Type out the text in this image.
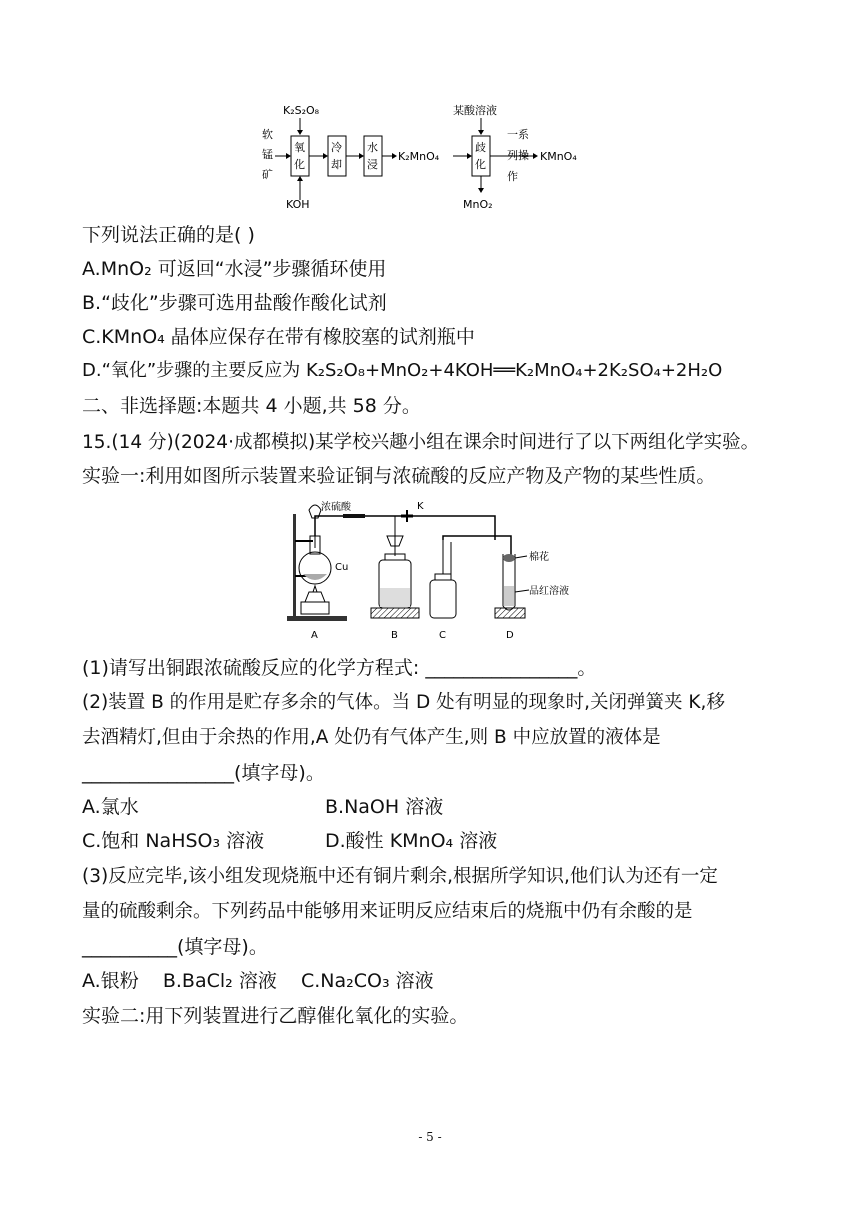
K₂S₂O₈
软锰矿
氧化
KOH
冷却
水浸
K₂MnO₄
某酸溶液
歧化
MnO₂
一系列操作
KMnO₄
下列说法正确的是( )
A.MnO₂ 可返回“水浸”步骤循环使用
B.“歧化”步骤可选用盐酸作酸化试剂
C.KMnO₄ 晶体应保存在带有橡胶塞的试剂瓶中
D.“氧化”步骤的主要反应为 K₂S₂O₈+MnO₂+4KOH══K₂MnO₄+2K₂SO₄+2H₂O
二、非选择题:本题共 4 小题,共 58 分。
15.(14 分)(2024·成都模拟)某学校兴趣小组在课余时间进行了以下两组化学实验。
实验一:利用如图所示装置来验证铜与浓硫酸的反应产物及产物的某些性质。
Cu
浓硫酸	K
棉花
品红溶液
A	B	C	D
(1)请写出铜跟浓硫酸反应的化学方程式: ________________。
(2)装置 B 的作用是贮存多余的气体。当 D 处有明显的现象时,关闭弹簧夹 K,移
去酒精灯,但由于余热的作用,A 处仍有气体产生,则 B 中应放置的液体是
________________(填字母)。
A.氯水	B.NaOH 溶液
C.饱和 NaHSO₃ 溶液	D.酸性 KMnO₄ 溶液
(3)反应完毕,该小组发现烧瓶中还有铜片剩余,根据所学知识,他们认为还有一定
量的硫酸剩余。下列药品中能够用来证明反应结束后的烧瓶中仍有余酸的是
__________(填字母)。
A.银粉    B.BaCl₂ 溶液    C.Na₂CO₃ 溶液
实验二:用下列装置进行乙醇催化氧化的实验。
- 5 -
